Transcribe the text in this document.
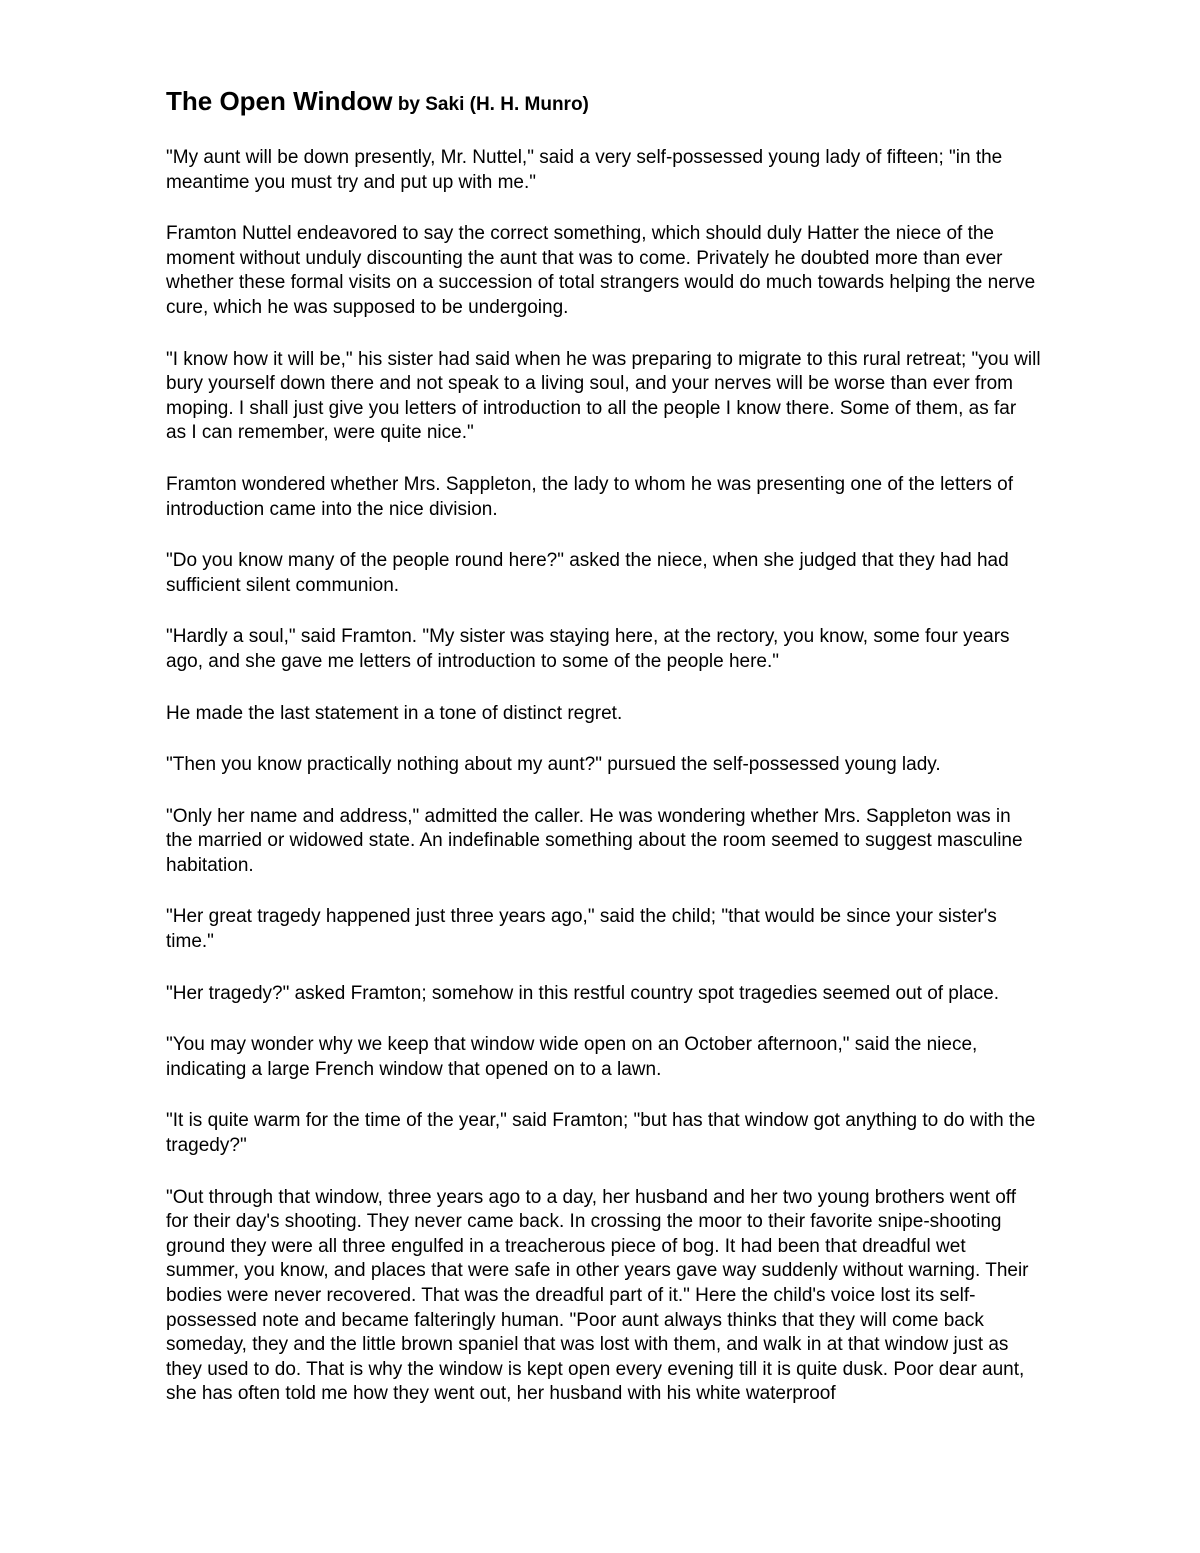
The Open Window by Saki (H. H. Munro)

"My aunt will be down presently, Mr. Nuttel," said a very self-possessed young lady of fifteen; "in the meantime you must try and put up with me."

Framton Nuttel endeavored to say the correct something, which should duly Hatter the niece of the moment without unduly discounting the aunt that was to come. Privately he doubted more than ever whether these formal visits on a succession of total strangers would do much towards helping the nerve cure, which he was supposed to be undergoing.

"I know how it will be," his sister had said when he was preparing to migrate to this rural retreat; "you will bury yourself down there and not speak to a living soul, and your nerves will be worse than ever from moping. I shall just give you letters of introduction to all the people I know there. Some of them, as far as I can remember, were quite nice."

Framton wondered whether Mrs. Sappleton, the lady to whom he was presenting one of the letters of introduction came into the nice division.

"Do you know many of the people round here?" asked the niece, when she judged that they had had sufficient silent communion.

"Hardly a soul," said Framton. "My sister was staying here, at the rectory, you know, some four years ago, and she gave me letters of introduction to some of the people here."

He made the last statement in a tone of distinct regret.

"Then you know practically nothing about my aunt?" pursued the self-possessed young lady.

"Only her name and address," admitted the caller. He was wondering whether Mrs. Sappleton was in the married or widowed state. An indefinable something about the room seemed to suggest masculine habitation.

"Her great tragedy happened just three years ago," said the child; "that would be since your sister's time."

"Her tragedy?" asked Framton; somehow in this restful country spot tragedies seemed out of place.

"You may wonder why we keep that window wide open on an October afternoon," said the niece, indicating a large French window that opened on to a lawn.

"It is quite warm for the time of the year," said Framton; "but has that window got anything to do with the tragedy?"

"Out through that window, three years ago to a day, her husband and her two young brothers went off for their day's shooting. They never came back. In crossing the moor to their favorite snipe-shooting ground they were all three engulfed in a treacherous piece of bog. It had been that dreadful wet summer, you know, and places that were safe in other years gave way suddenly without warning. Their bodies were never recovered. That was the dreadful part of it." Here the child's voice lost its self-possessed note and became falteringly human. "Poor aunt always thinks that they will come back someday, they and the little brown spaniel that was lost with them, and walk in at that window just as they used to do. That is why the window is kept open every evening till it is quite dusk. Poor dear aunt, she has often told me how they went out, her husband with his white waterproof
